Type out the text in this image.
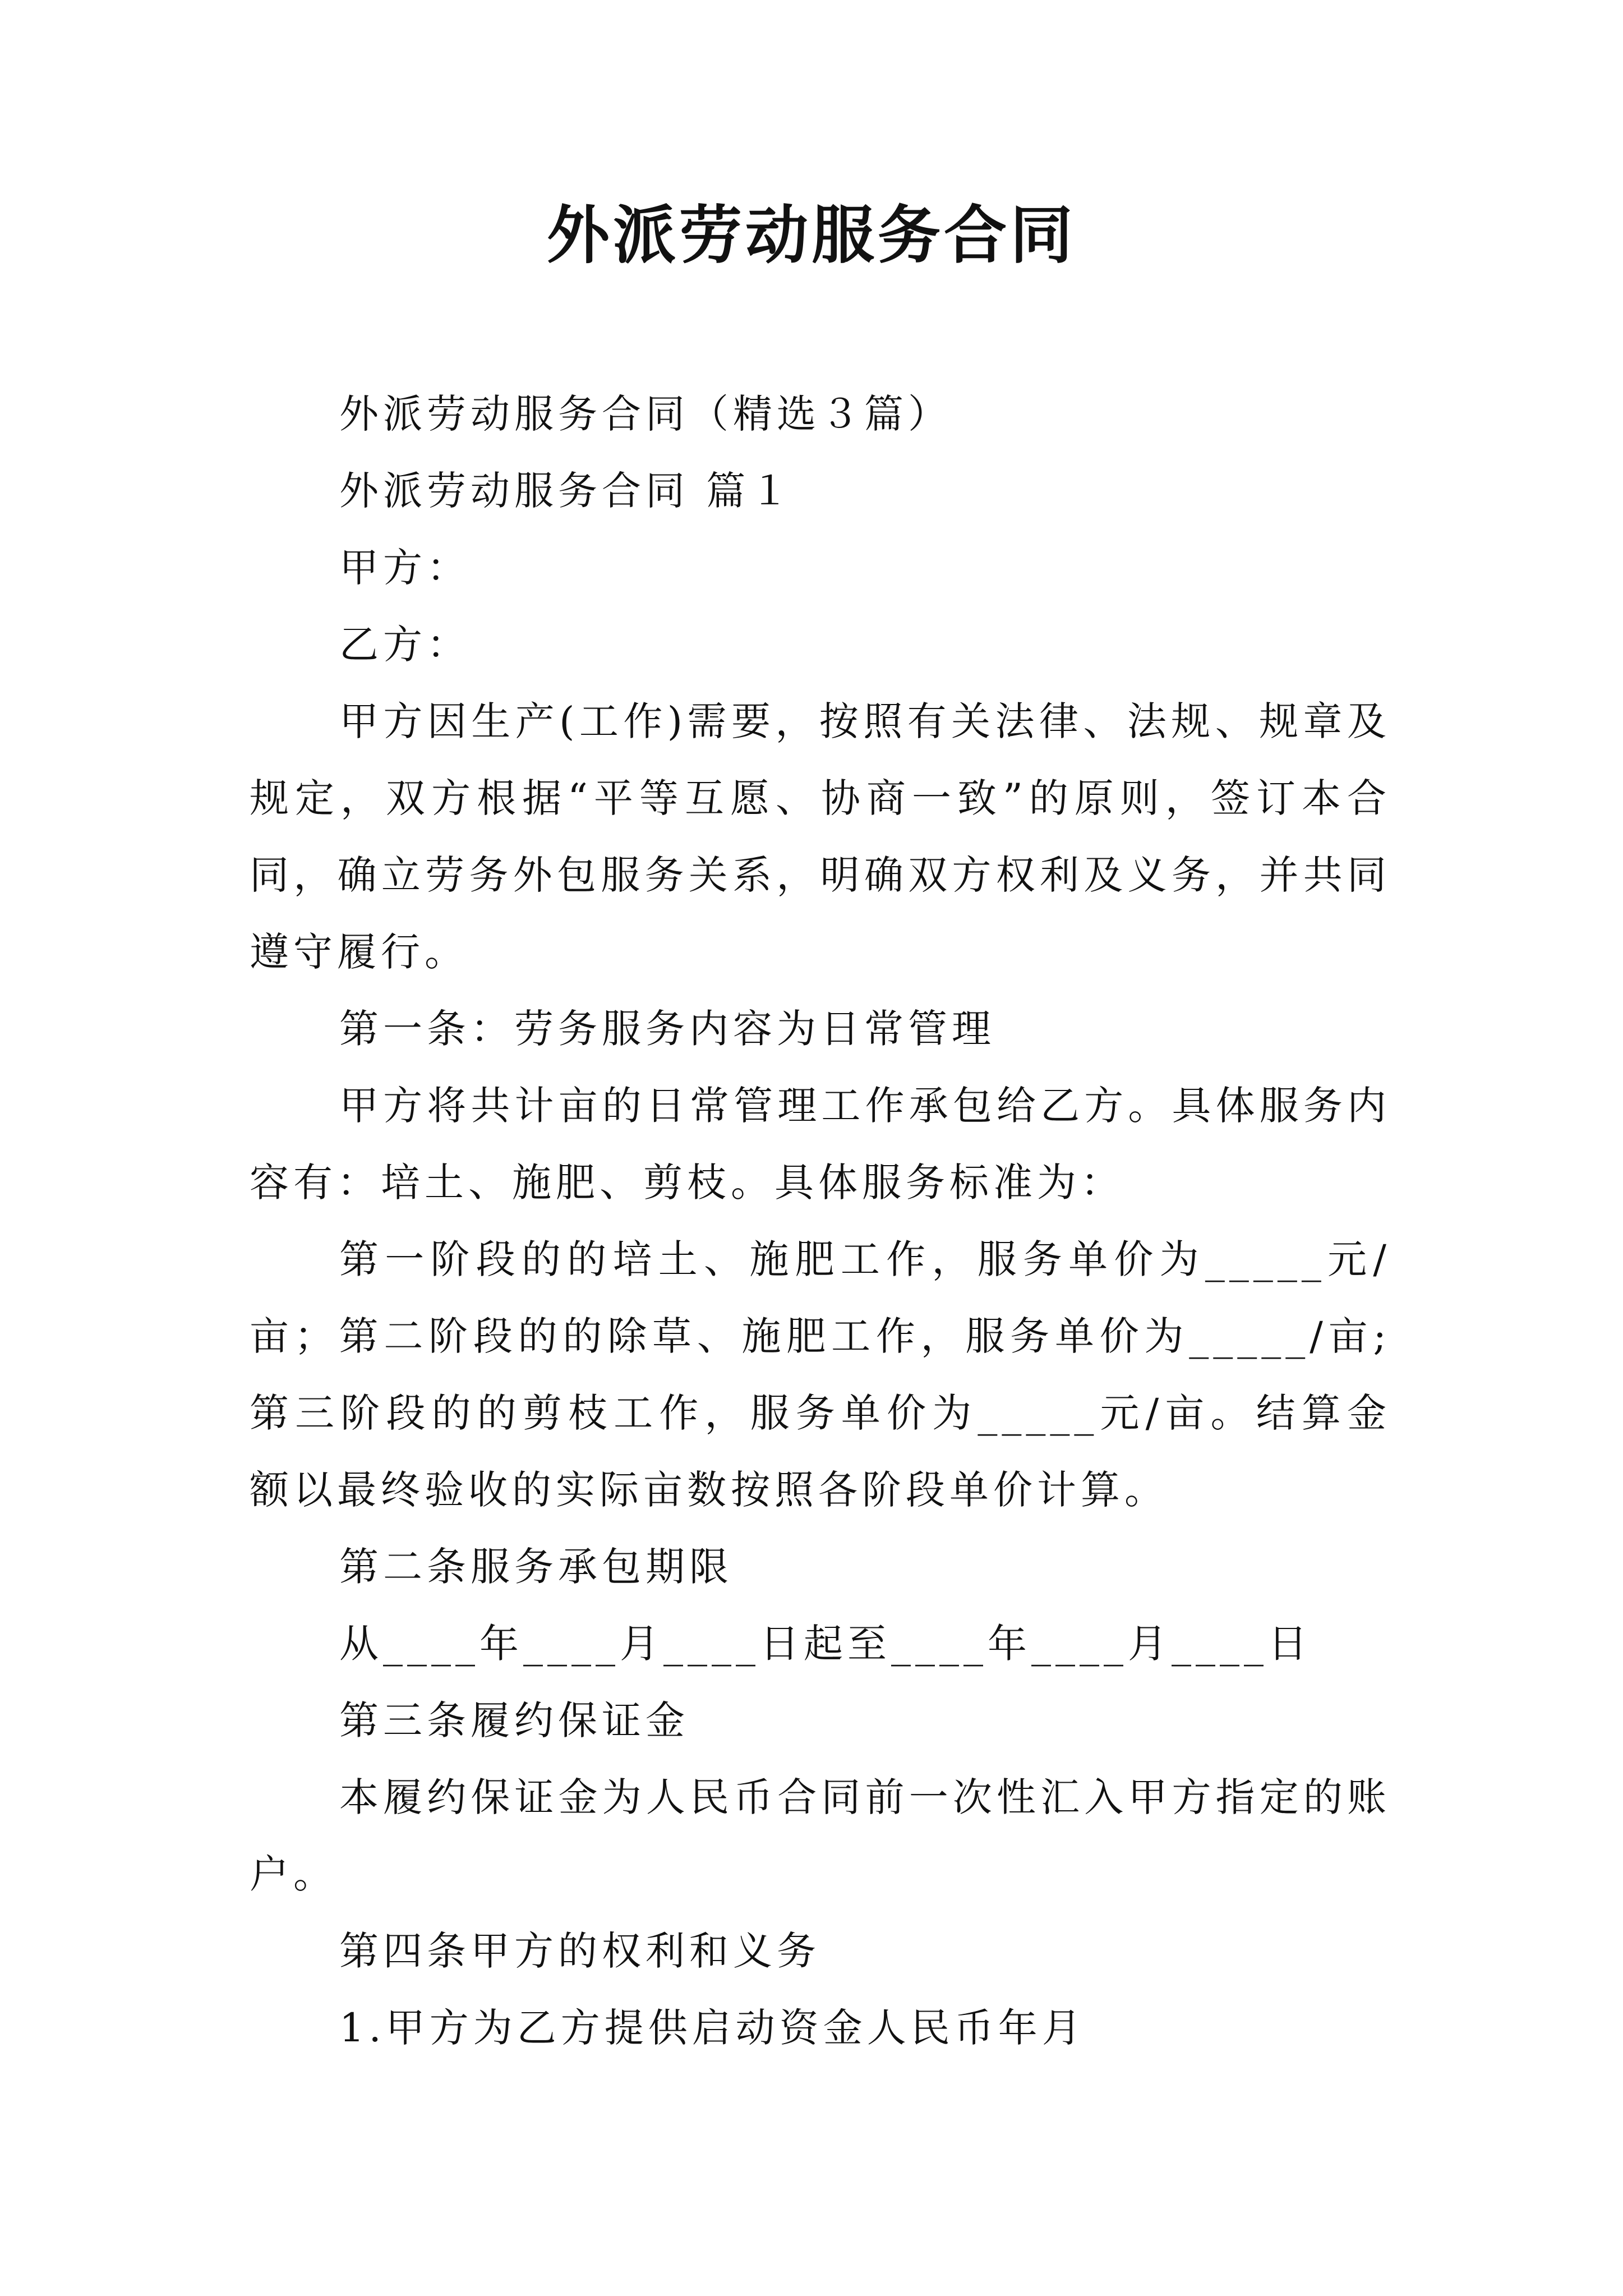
外派劳动服务合同

外派劳动服务合同（精选３篇）

外派劳动服务合同 篇１

甲方：

乙方：

甲方因生产(工作)需要，按照有关法律、法规、规章及规定，双方根据“平等互愿、协商一致”的原则，签订本合同，确立劳务外包服务关系，明确双方权利及义务，并共同遵守履行。

第一条：劳务服务内容为日常管理

甲方将共计亩的日常管理工作承包给乙方。具体服务内容有：培土、施肥、剪枝。具体服务标准为：

第一阶段的的培土、施肥工作，服务单价为_____元/亩；第二阶段的的除草、施肥工作，服务单价为_____/亩;第三阶段的的剪枝工作，服务单价为_____元/亩。结算金额以最终验收的实际亩数按照各阶段单价计算。

第二条服务承包期限

从____年____月____日起至____年____月____日

第三条履约保证金

本履约保证金为人民币合同前一次性汇入甲方指定的账户。

第四条甲方的权利和义务

1.甲方为乙方提供启动资金人民币年月
